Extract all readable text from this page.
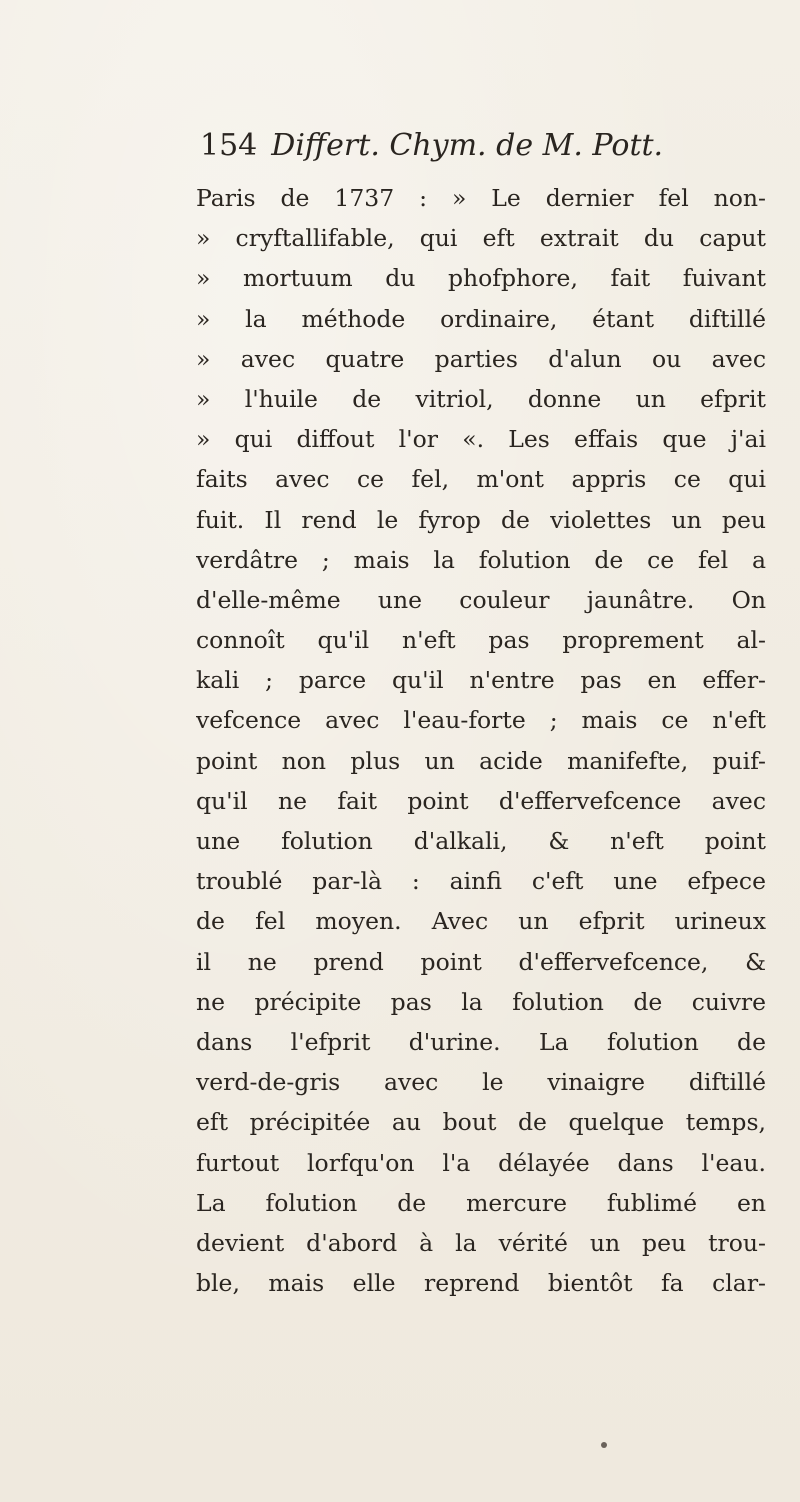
154 Differt. Chym. de M. Pott.
Paris de 1737 : » Le dernier fel non-
» cryftallifable, qui eft extrait du caput
» mortuum du phofphore, fait fuivant
» la méthode ordinaire, étant diftillé
» avec quatre parties d'alun ou avec
» l'huile de vitriol, donne un efprit
» qui diffout l'or «. Les effais que j'ai
faits avec ce fel, m'ont appris ce qui
fuit. Il rend le fyrop de violettes un peu
verdâtre ; mais la folution de ce fel a
d'elle-même une couleur jaunâtre. On
connoît qu'il n'eft pas proprement al-
kali ; parce qu'il n'entre pas en effer-
vefcence avec l'eau-forte ; mais ce n'eft
point non plus un acide manifefte, puif-
qu'il ne fait point d'effervefcence avec
une folution d'alkali, & n'eft point
troublé par-là : ainfi c'eft une efpece
de fel moyen. Avec un efprit urineux
il ne prend point d'effervefcence, &
ne précipite pas la folution de cuivre
dans l'efprit d'urine. La folution de
verd-de-gris avec le vinaigre diftillé
eft précipitée au bout de quelque temps,
furtout lorfqu'on l'a délayée dans l'eau.
La folution de mercure fublimé en
devient d'abord à la vérité un peu trou-
ble, mais elle reprend bientôt fa clar-
